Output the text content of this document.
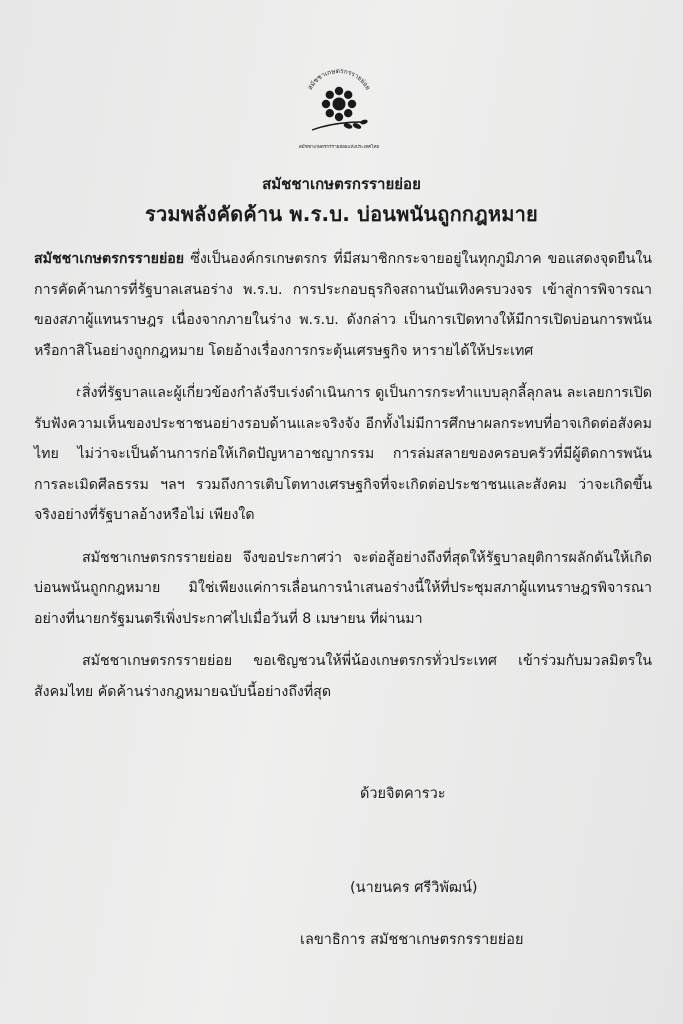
สมัชชาเกษตรกรรายย่อย
สมัชชาเกษตรกรรายย่อยแห่งประเทศไทย
สมัชชาเกษตรกรรายย่อย
รวมพลังคัดค้าน พ.ร.บ. บ่อนพนันถูกกฎหมาย
t

สมัชชาเกษตรกรรายย่อย ซึ่งเป็นองค์กรเกษตรกร ที่มีสมาชิกกระจายอยู่ในทุกภูมิภาค ขอแสดงจุดยืนในการคัดค้านการที่รัฐบาลเสนอร่าง พ.ร.บ. การประกอบธุรกิจสถานบันเทิงครบวงจร เข้าสู่การพิจารณาของสภาผู้แทนราษฎร เนื่องจากภายในร่าง พ.ร.บ. ดังกล่าว เป็นการเปิดทางให้มีการเปิดบ่อนการพนันหรือกาสิโนอย่างถูกกฎหมาย โดยอ้างเรื่องการกระตุ้นเศรษฐกิจ หารายได้ให้ประเทศ

สิ่งที่รัฐบาลและผู้เกี่ยวข้องกำลังรีบเร่งดำเนินการ ดูเป็นการกระทำแบบลุกลี้ลุกลน ละเลยการเปิดรับฟังความเห็นของประชาชนอย่างรอบด้านและจริงจัง อีกทั้งไม่มีการศึกษาผลกระทบที่อาจเกิดต่อสังคมไทย ไม่ว่าจะเป็นด้านการก่อให้เกิดปัญหาอาชญากรรม การล่มสลายของครอบครัวที่มีผู้ติดการพนัน การละเมิดศีลธรรม ฯลฯ รวมถึงการเติบโตทางเศรษฐกิจที่จะเกิดต่อประชาชนและสังคม ว่าจะเกิดขึ้นจริงอย่างที่รัฐบาลอ้างหรือไม่ เพียงใด

สมัชชาเกษตรกรรายย่อย จึงขอประกาศว่า จะต่อสู้อย่างถึงที่สุดให้รัฐบาลยุติการผลักดันให้เกิดบ่อนพนันถูกกฎหมาย มิใช่เพียงแค่การเลื่อนการนำเสนอร่างนี้ให้ที่ประชุมสภาผู้แทนราษฎรพิจารณาอย่างที่นายกรัฐมนตรีเพิ่งประกาศไปเมื่อวันที่ 8 เมษายน ที่ผ่านมา

สมัชชาเกษตรกรรายย่อย ขอเชิญชวนให้พี่น้องเกษตรกรทั่วประเทศ เข้าร่วมกับมวลมิตรในสังคมไทย คัดค้านร่างกฎหมายฉบับนี้อย่างถึงที่สุด

ด้วยจิตคารวะ
(นายนคร ศรีวิพัฒน์)
เลขาธิการ สมัชชาเกษตรกรรายย่อย
